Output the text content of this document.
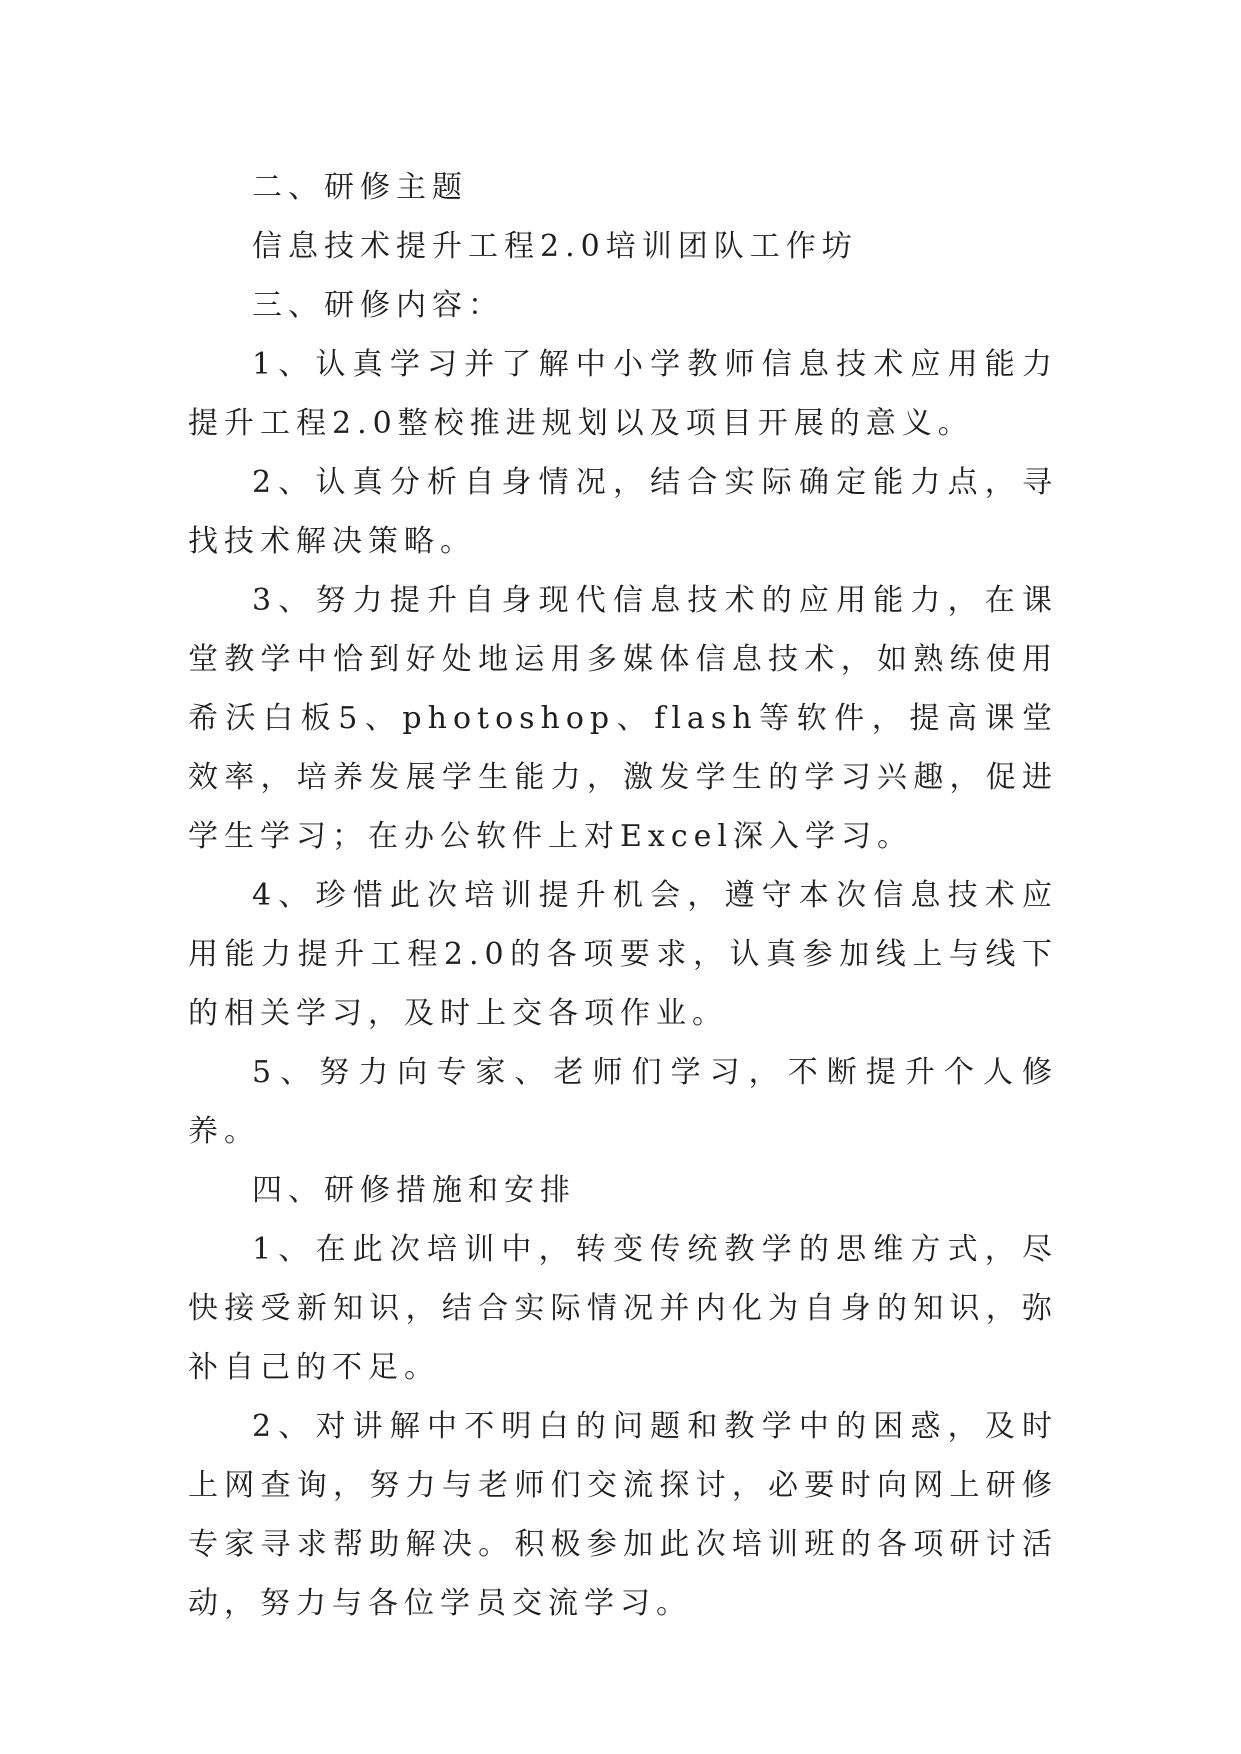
二、研修主题

信息技术提升工程2.0培训团队工作坊

三、研修内容：

1、认真学习并了解中小学教师信息技术应用能力提升工程2.0整校推进规划以及项目开展的意义。

2、认真分析自身情况，结合实际确定能力点，寻找技术解决策略。

3、努力提升自身现代信息技术的应用能力，在课堂教学中恰到好处地运用多媒体信息技术，如熟练使用希沃白板5、photoshop、flash等软件，提高课堂效率，培养发展学生能力，激发学生的学习兴趣，促进学生学习；在办公软件上对Excel深入学习。

4、珍惜此次培训提升机会，遵守本次信息技术应用能力提升工程2.0的各项要求，认真参加线上与线下的相关学习，及时上交各项作业。

5、努力向专家、老师们学习，不断提升个人修养。

四、研修措施和安排

1、在此次培训中，转变传统教学的思维方式，尽快接受新知识，结合实际情况并内化为自身的知识，弥补自己的不足。

2、对讲解中不明白的问题和教学中的困惑，及时上网查询，努力与老师们交流探讨，必要时向网上研修专家寻求帮助解决。积极参加此次培训班的各项研讨活动，努力与各位学员交流学习。
